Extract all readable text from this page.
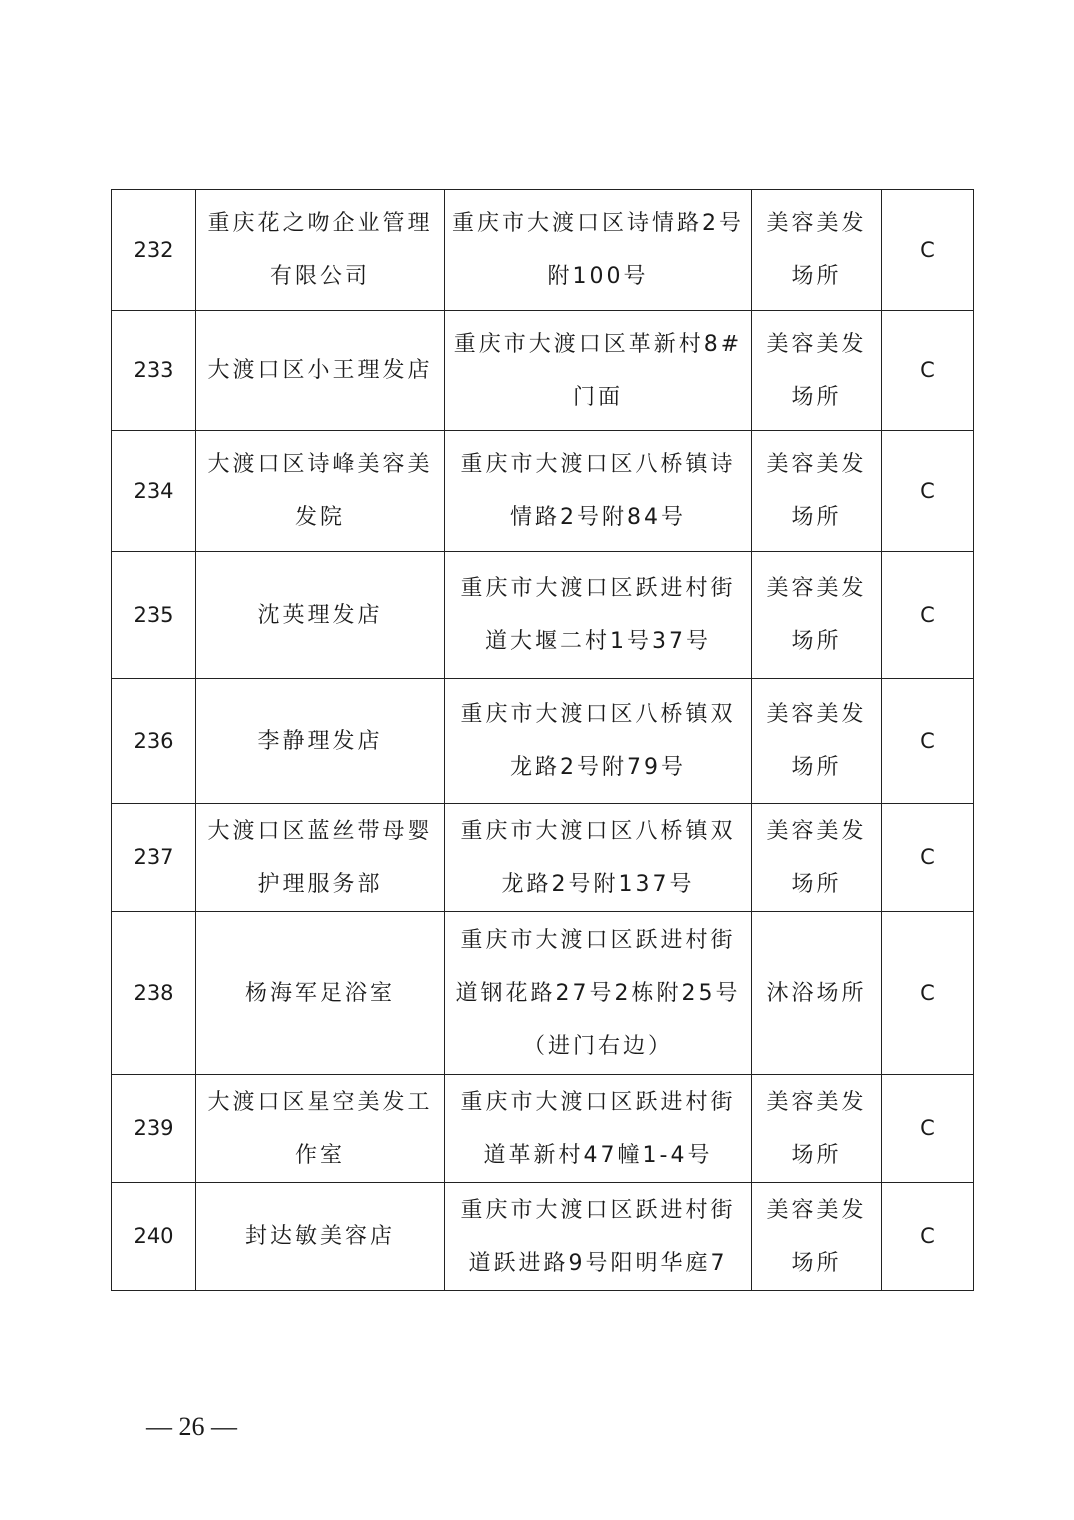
232	重庆花之吻企业管理有限公司	重庆市大渡口区诗情路2号附100号	美容美发场所	C

233	大渡口区小王理发店	重庆市大渡口区革新村8#门面	美容美发场所	C

234	大渡口区诗峰美容美发院	重庆市大渡口区八桥镇诗情路2号附84号	美容美发场所	C

235	沈英理发店	重庆市大渡口区跃进村街道大堰二村1号37号	美容美发场所	C

236	李静理发店	重庆市大渡口区八桥镇双龙路2号附79号	美容美发场所	C

237	大渡口区蓝丝带母婴护理服务部	重庆市大渡口区八桥镇双龙路2号附137号	美容美发场所	C

238	杨海军足浴室	重庆市大渡口区跃进村街道钢花路27号2栋附25号（进门右边）	沐浴场所	C

239	大渡口区星空美发工作室	重庆市大渡口区跃进村街道革新村47幢1-4号	美容美发场所	C

240	封达敏美容店	重庆市大渡口区跃进村街道跃进路9号阳明华庭7	美容美发场所	C
— 26 —
